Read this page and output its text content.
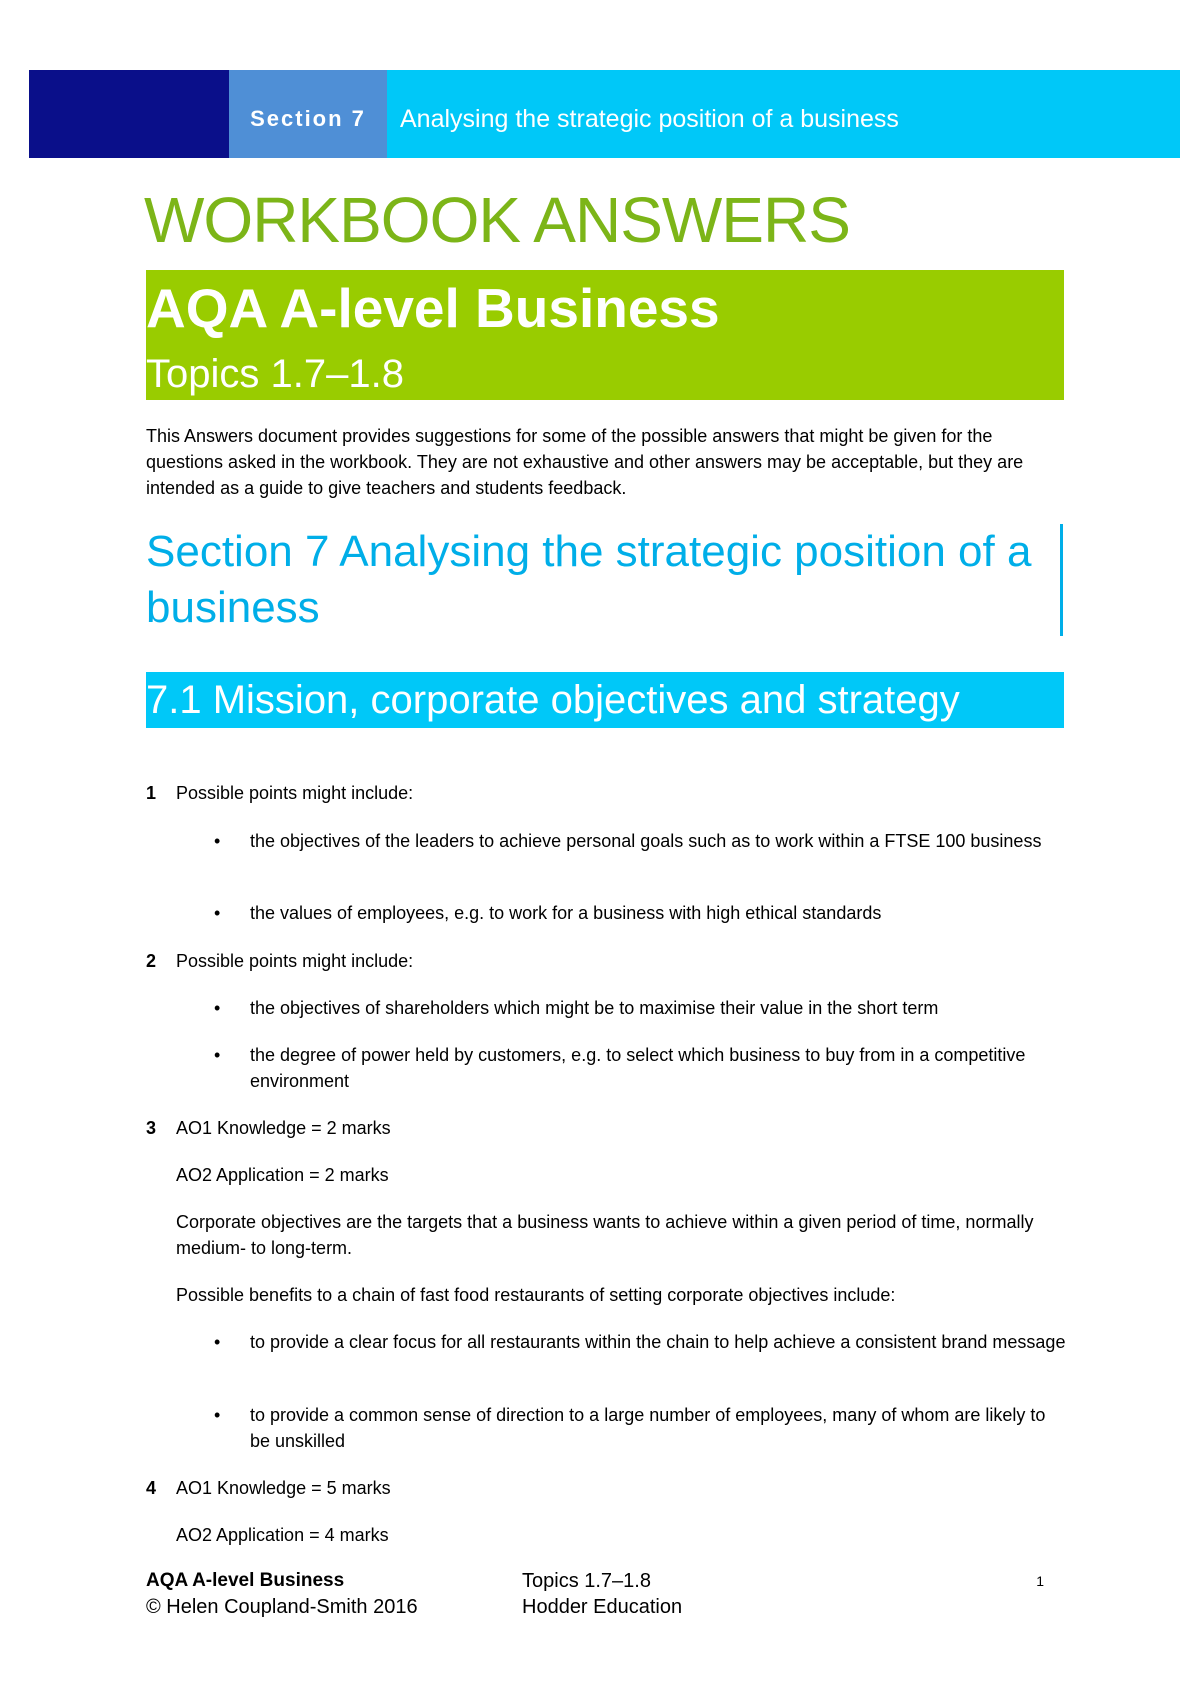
Section 7 Analysing the strategic position of a business
WORKBOOK ANSWERS
AQA A-level Business
Topics 1.7–1.8
This Answers document provides suggestions for some of the possible answers that might be given for the questions asked in the workbook. They are not exhaustive and other answers may be acceptable, but they are intended as a guide to give teachers and students feedback.
Section 7 Analysing the strategic position of a business
7.1 Mission, corporate objectives and strategy
1	Possible points might include:
• the objectives of the leaders to achieve personal goals such as to work within a FTSE 100 business
• the values of employees, e.g. to work for a business with high ethical standards
2	Possible points might include:
• the objectives of shareholders which might be to maximise their value in the short term
• the degree of power held by customers, e.g. to select which business to buy from in a competitive environment
3	AO1 Knowledge = 2 marks
AO2 Application = 2 marks
Corporate objectives are the targets that a business wants to achieve within a given period of time, normally medium- to long-term.
Possible benefits to a chain of fast food restaurants of setting corporate objectives include:
• to provide a clear focus for all restaurants within the chain to help achieve a consistent brand message
• to provide a common sense of direction to a large number of employees, many of whom are likely to be unskilled
4	AO1 Knowledge = 5 marks
AO2 Application = 4 marks
AQA A-level Business
© Helen Coupland-Smith 2016
Topics 1.7–1.8
Hodder Education
1
